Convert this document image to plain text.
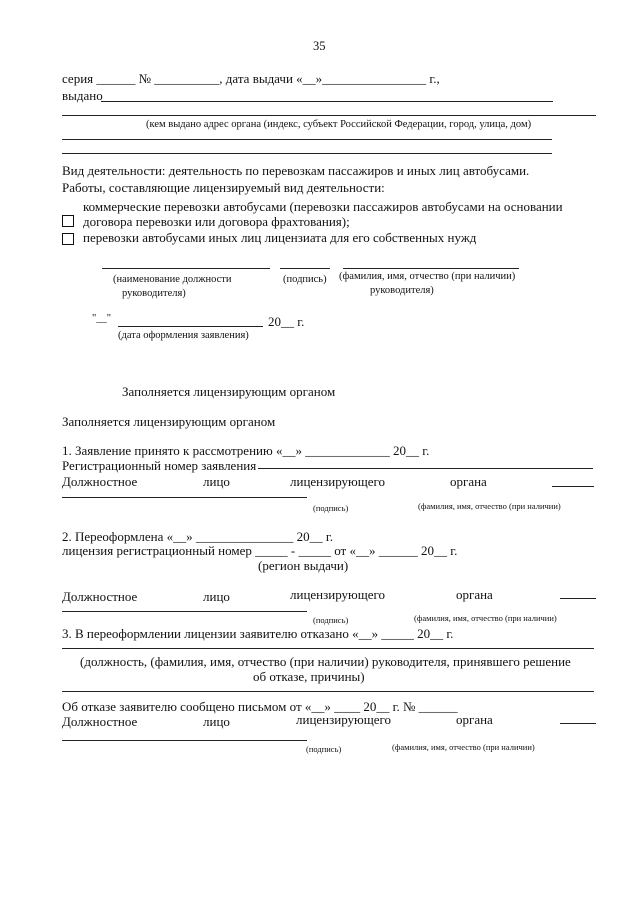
35
серия ______ № __________, дата выдачи «__»________________ г.,
выдано
(кем выдано адрес органа (индекс, субъект Российской Федерации, город, улица, дом)
Вид деятельности: деятельность по перевозкам пассажиров и иных лиц автобусами.
Работы, составляющие лицензируемый вид деятельности:
коммерческие перевозки автобусами (перевозки пассажиров автобусами на основании
договора перевозки или договора фрахтования);
перевозки автобусами иных лиц лицензиата для его собственных нужд
(наименование должности
руководителя)
(подпись) (фамилия, имя, отчество (при наличии)
руководителя)
"__"	20__ г.
(дата оформления заявления)
Заполняется лицензирующим органом
Заполняется лицензирующим органом
1. Заявление принято к рассмотрению «__» _____________ 20__ г.
Регистрационный номер заявления
Должностное	лицо	лицензирующего	органа
(подпись)	(фамилия, имя, отчество (при наличии)
2. Переоформлена «__» _______________ 20__ г.
лицензия регистрационный номер _____ - _____ от «__» ______ 20__ г.
(регион выдачи)
Должностное	лицо	лицензирующего	органа
(подпись)	(фамилия, имя, отчество (при наличии)
3. В переоформлении лицензии заявителю отказано «__» _____ 20__ г.
(должность, (фамилия, имя, отчество (при наличии) руководителя, принявшего решение
об отказе, причины)
Об отказе заявителю сообщено письмом от «__» ____ 20__ г. № ______
Должностное	лицо	лицензирующего	органа
(подпись)	(фамилия, имя, отчество (при наличии)
